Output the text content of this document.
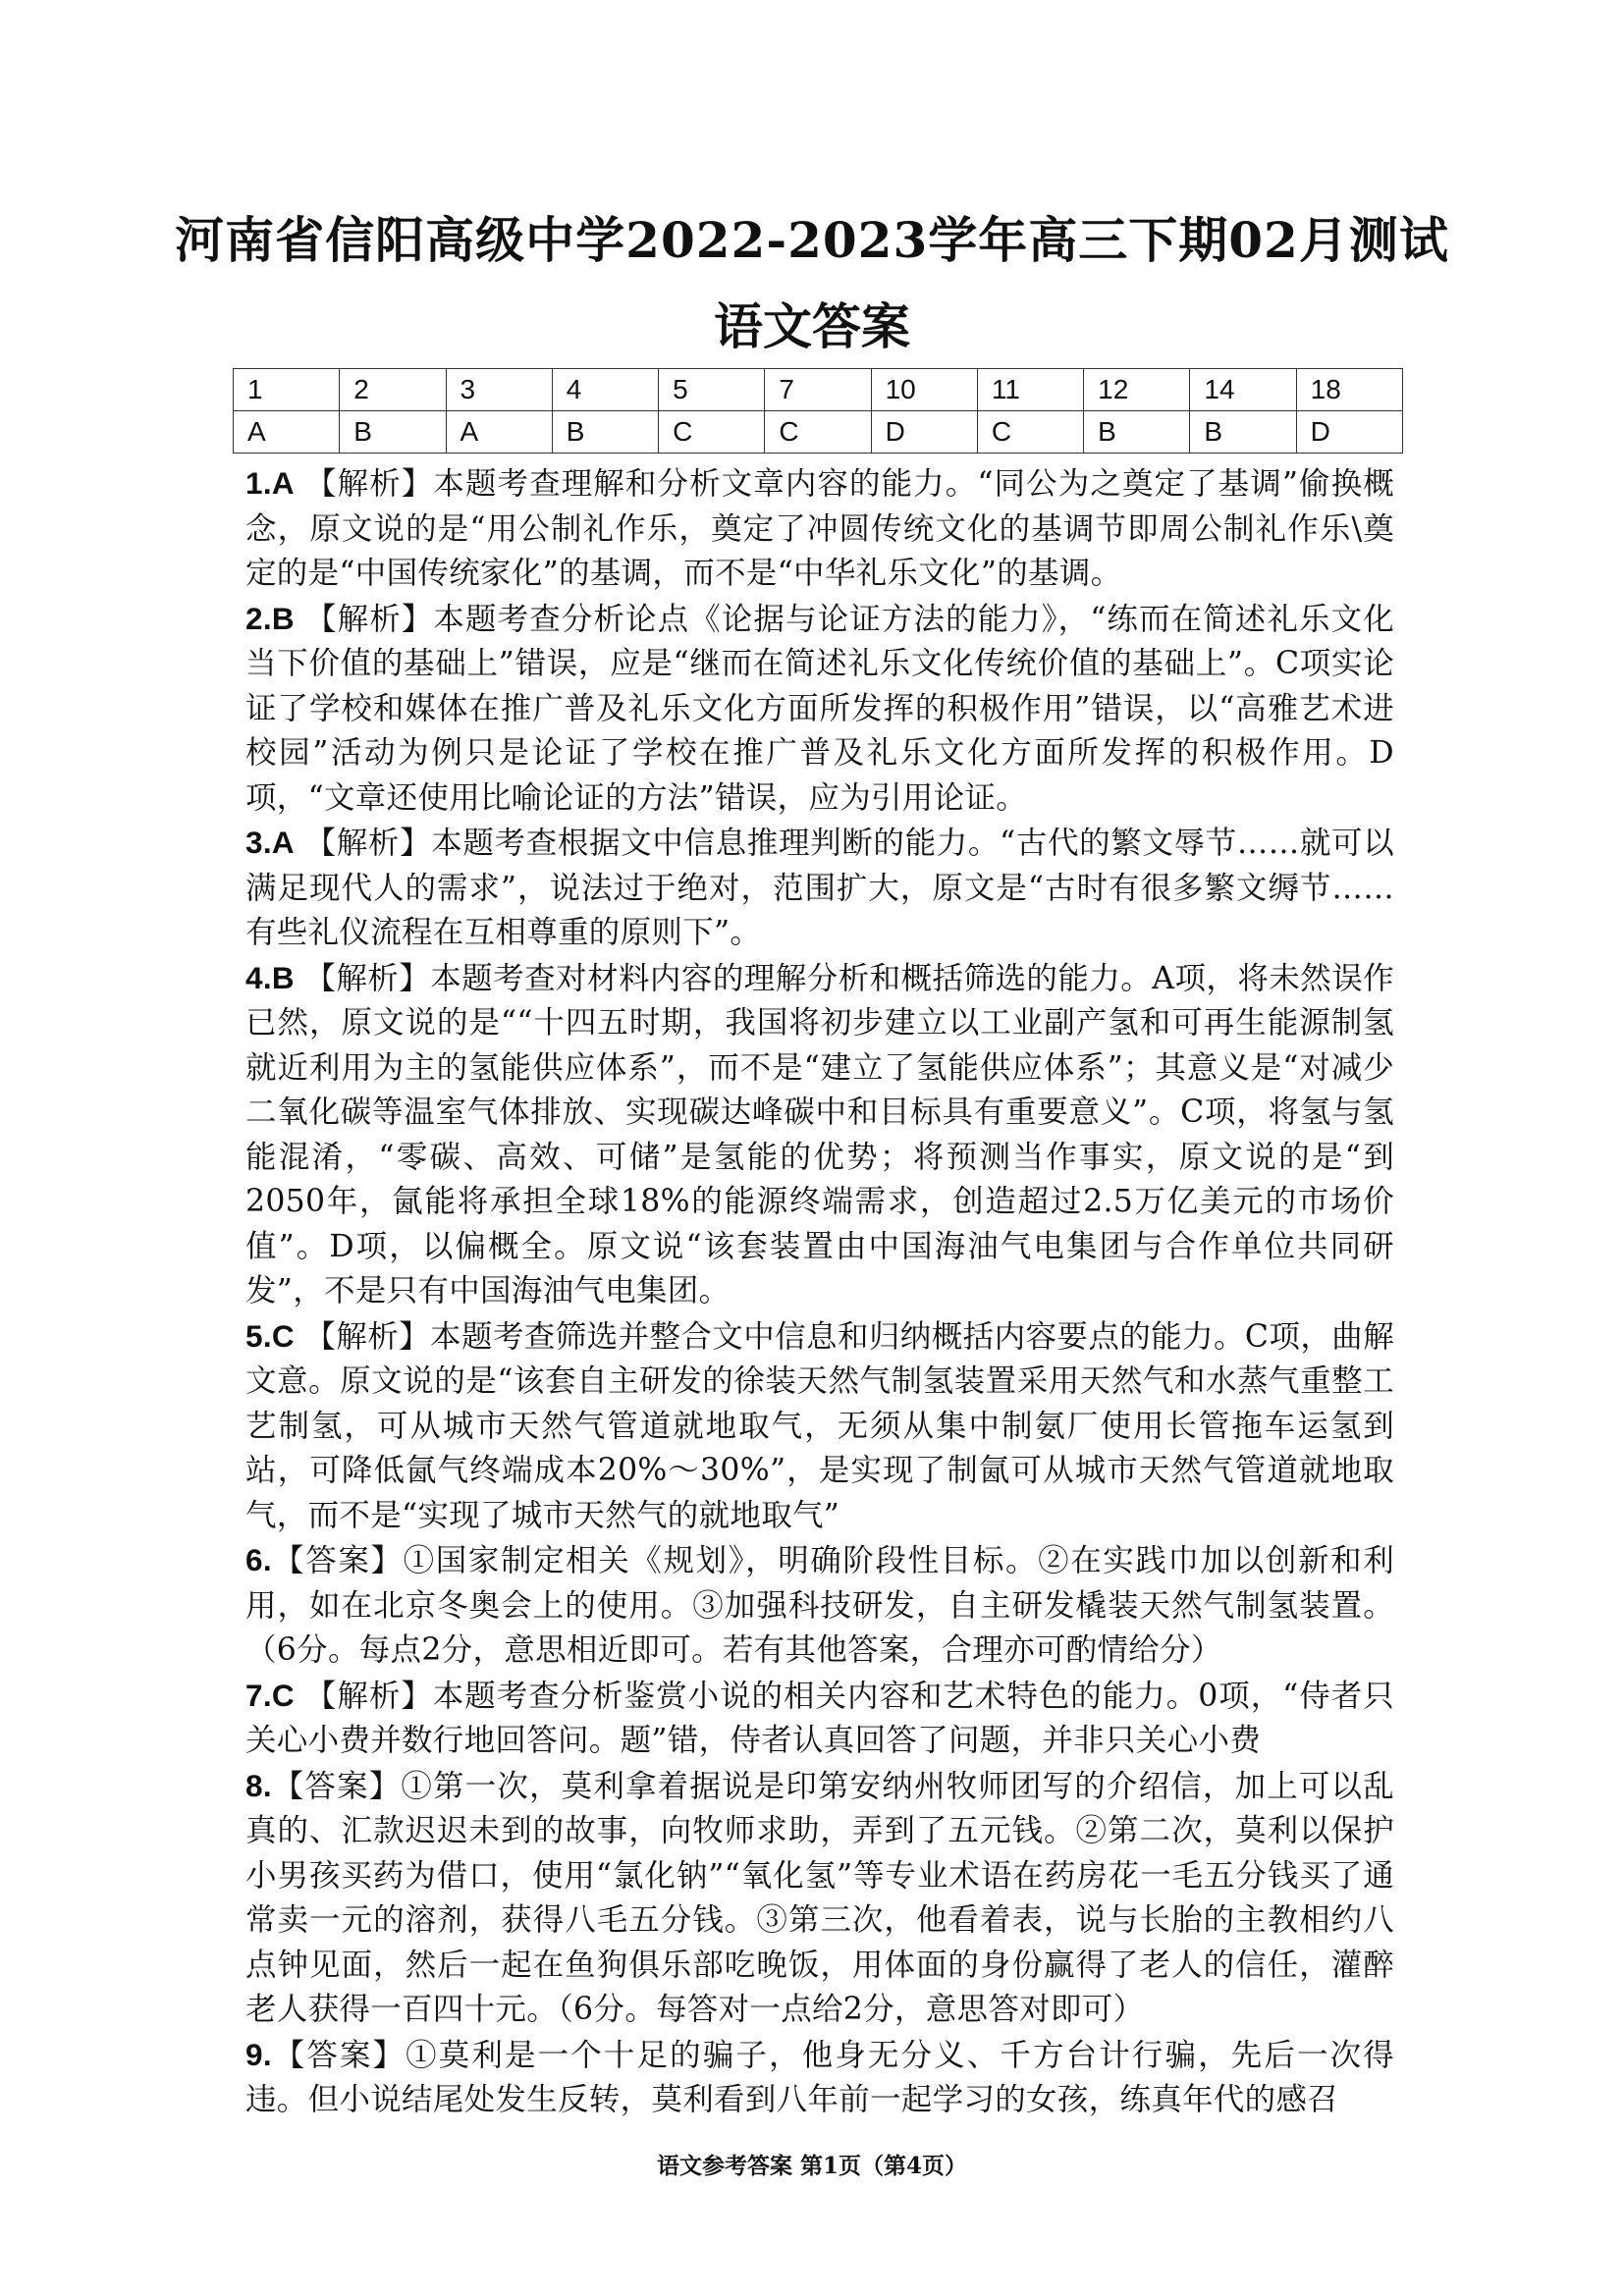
河南省信阳高级中学2022-2023学年高三下期02月测试
语文答案
1	2	3	4	5	7	10	11	12	14	18
A	B	A	B	C	C	D	C	B	B	D

1.A 【解析】本题考查理解和分析文章内容的能力。“同公为之奠定了基调”偷换概念，原文说的是“用公制礼作乐，奠定了冲圆传统文化的基调节即周公制礼作乐\奠定的是“中国传统家化”的基调，而不是“中华礼乐文化”的基调。

2.B 【解析】本题考查分析论点《论据与论证方法的能力》，“练而在简述礼乐文化当下价值的基础上”错误，应是“继而在简述礼乐文化传统价值的基础上”。C项实论证了学校和媒体在推广普及礼乐文化方面所发挥的积极作用”错误，以“高雅艺术进校园”活动为例只是论证了学校在推广普及礼乐文化方面所发挥的积极作用。D项，“文章还使用比喻论证的方法”错误，应为引用论证。

3.A 【解析】本题考查根据文中信息推理判断的能力。“古代的繁文辱节……就可以满足现代人的需求”，说法过于绝对，范围扩大，原文是“古时有很多繁文缛节……有些礼仪流程在互相尊重的原则下”。

4.B 【解析】本题考查对材料内容的理解分析和概括筛选的能力。A项，将未然误作已然，原文说的是““十四五时期，我国将初步建立以工业副产氢和可再生能源制氢就近利用为主的氢能供应体系”，而不是“建立了氢能供应体系”；其意义是“对减少二氧化碳等温室气体排放、实现碳达峰碳中和目标具有重要意义”。C项，将氢与氢能混淆，“零碳、高效、可储”是氢能的优势；将预测当作事实，原文说的是“到2050年，氤能将承担全球18%的能源终端需求，创造超过2.5万亿美元的市场价值”。D项，以偏概全。原文说“该套装置由中国海油气电集团与合作单位共同研发”，不是只有中国海油气电集团。

5.C 【解析】本题考查筛选并整合文中信息和归纳概括内容要点的能力。C项，曲解文意。原文说的是“该套自主研发的徐装天然气制氢装置采用天然气和水蒸气重整工艺制氢，可从城市天然气管道就地取气，无须从集中制氨厂使用长管拖车运氢到站，可降低氤气终端成本20%～30%”，是实现了制氤可从城市天然气管道就地取气，而不是“实现了城市天然气的就地取气”

6.【答案】①国家制定相关《规划》，明确阶段性目标。②在实践巾加以创新和利用，如在北京冬奥会上的使用。③加强科技研发，自主研发橇装天然气制氢装置。（6分。每点2分，意思相近即可。若有其他答案，合理亦可酌情给分）

7.C 【解析】本题考查分析鉴赏小说的相关内容和艺术特色的能力。0项，“侍者只关心小费并数行地回答问。题”错，侍者认真回答了问题，并非只关心小费

8.【答案】①第一次，莫利拿着据说是印第安纳州牧师团写的介绍信，加上可以乱真的、汇款迟迟未到的故事，向牧师求助，弄到了五元钱。②第二次，莫利以保护小男孩买药为借口，使用“氯化钠”“氧化氢”等专业术语在药房花一毛五分钱买了通常卖一元的溶剂，获得八毛五分钱。③第三次，他看着表，说与长胎的主教相约八点钟见面，然后一起在鱼狗俱乐部吃晚饭，用体面的身份赢得了老人的信任，灌醉老人获得一百四十元。（6分。每答对一点给2分，意思答对即可）

9.【答案】①莫利是一个十足的骗子，他身无分义、千方台计行骗，先后一次得违。但小说结尾处发生反转，莫利看到八年前一起学习的女孩，练真年代的感召

语文参考答案 第1页（第4页）
